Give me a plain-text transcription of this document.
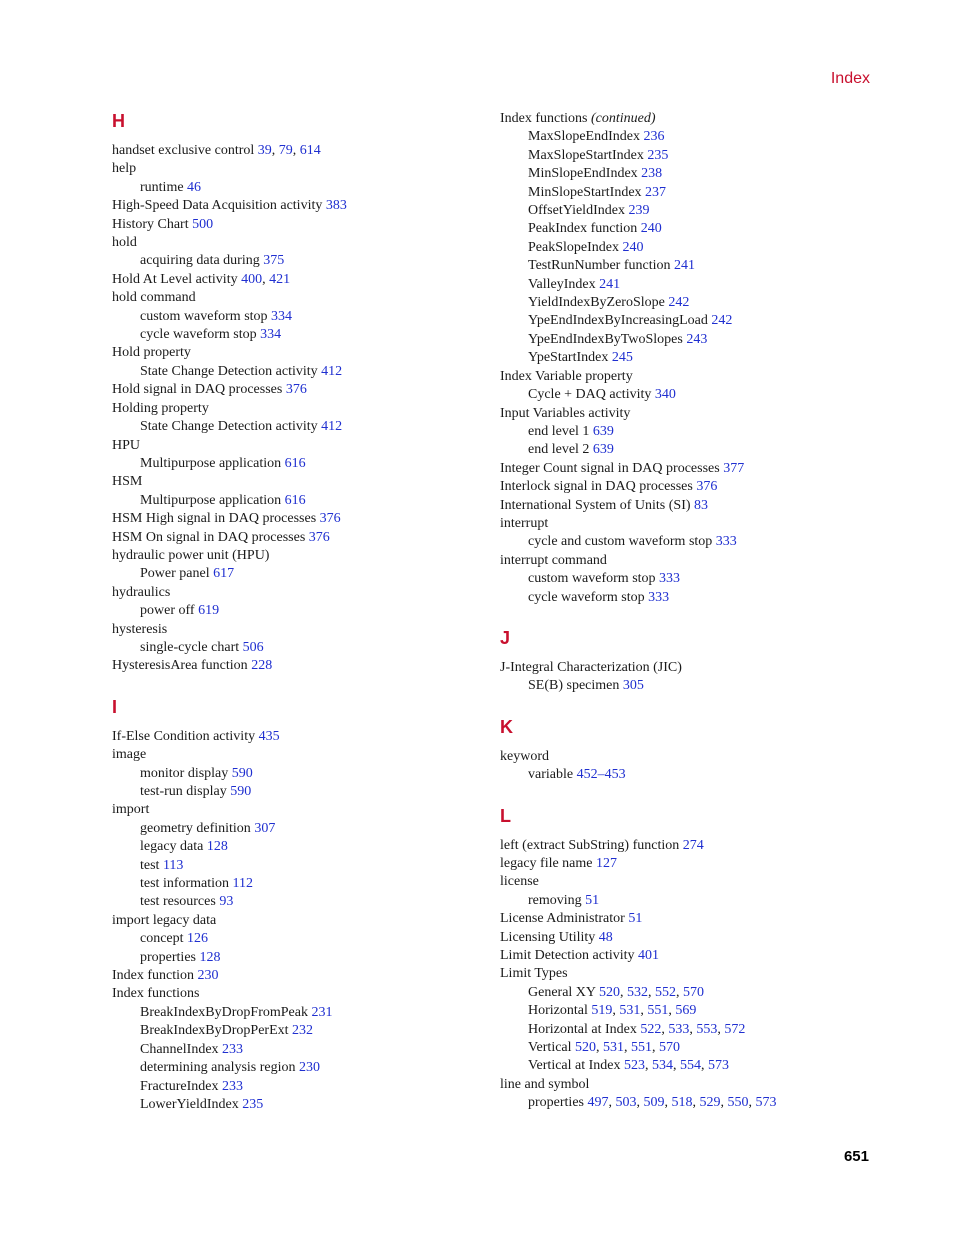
Index
H
handset exclusive control 39, 79, 614
help
runtime 46
High-Speed Data Acquisition activity 383
History Chart 500
hold
acquiring data during 375
Hold At Level activity 400, 421
hold command
custom waveform stop 334
cycle waveform stop 334
Hold property
State Change Detection activity 412
Hold signal in DAQ processes 376
Holding property
State Change Detection activity 412
HPU
Multipurpose application 616
HSM
Multipurpose application 616
HSM High signal in DAQ processes 376
HSM On signal in DAQ processes 376
hydraulic power unit (HPU)
Power panel 617
hydraulics
power off 619
hysteresis
single-cycle chart 506
HysteresisArea function 228
I
If-Else Condition activity 435
image
monitor display 590
test-run display 590
import
geometry definition 307
legacy data 128
test 113
test information 112
test resources 93
import legacy data
concept 126
properties 128
Index function 230
Index functions
BreakIndexByDropFromPeak 231
BreakIndexByDropPerExt 232
ChannelIndex 233
determining analysis region 230
FractureIndex 233
LowerYieldIndex 235
Index functions (continued)
MaxSlopeEndIndex 236
MaxSlopeStartIndex 235
MinSlopeEndIndex 238
MinSlopeStartIndex 237
OffsetYieldIndex 239
PeakIndex function 240
PeakSlopeIndex 240
TestRunNumber function 241
ValleyIndex 241
YieldIndexByZeroSlope 242
YpeEndIndexByIncreasingLoad 242
YpeEndIndexByTwoSlopes 243
YpeStartIndex 245
Index Variable property
Cycle + DAQ activity 340
Input Variables activity
end level 1 639
end level 2 639
Integer Count signal in DAQ processes 377
Interlock signal in DAQ processes 376
International System of Units (SI) 83
interrupt
cycle and custom waveform stop 333
interrupt command
custom waveform stop 333
cycle waveform stop 333
J
J-Integral Characterization (JIC)
SE(B) specimen 305
K
keyword
variable 452–453
L
left (extract SubString) function 274
legacy file name 127
license
removing 51
License Administrator 51
Licensing Utility 48
Limit Detection activity 401
Limit Types
General XY 520, 532, 552, 570
Horizontal 519, 531, 551, 569
Horizontal at Index 522, 533, 553, 572
Vertical 520, 531, 551, 570
Vertical at Index 523, 534, 554, 573
line and symbol
properties 497, 503, 509, 518, 529, 550, 573
651
